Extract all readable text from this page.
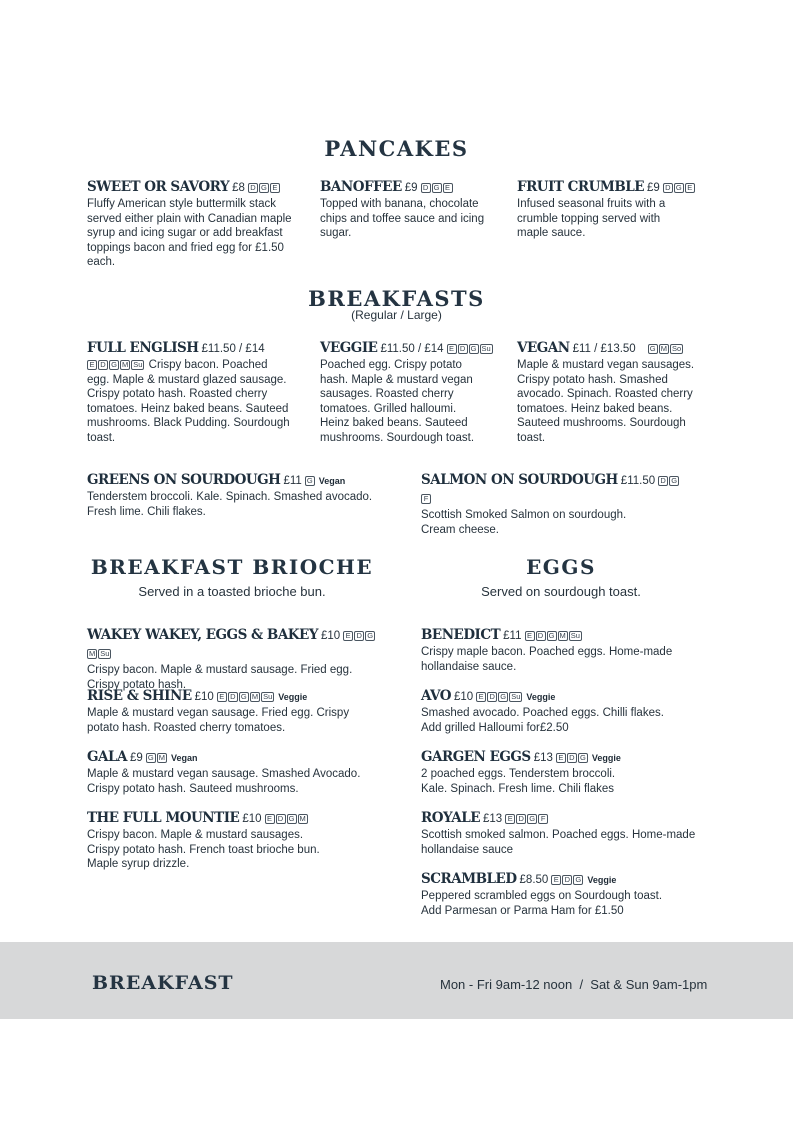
PANCAKES
SWEET OR SAVORY £8 D G E

Fluffy American style buttermilk stack served either plain with Canadian maple syrup and icing sugar or add breakfast toppings bacon and fried egg for £1.50 each.

BANOFFEE £9 D G E

Topped with banana, chocolate chips and toffee sauce and icing sugar.

FRUIT CRUMBLE £9 D G E

Infused seasonal fruits with a crumble topping served with maple sauce.

BREAKFASTS
(Regular / Large)
FULL ENGLISH £11.50 / £14

E D G M Su Crispy bacon. Poached egg. Maple & mustard glazed sausage. Crispy potato hash. Roasted cherry tomatoes. Heinz baked beans. Sauteed mushrooms. Black Pudding. Sourdough toast.

VEGGIE £11.50 / £14 E D G Su

Poached egg. Crispy potato hash. Maple & mustard vegan sausages. Roasted cherry tomatoes. Grilled halloumi. Heinz baked beans. Sauteed mushrooms. Sourdough toast.

VEGAN £11 / £13.50 G M So

Maple & mustard vegan sausages. Crispy potato hash. Smashed avocado. Spinach. Roasted cherry tomatoes. Heinz baked beans. Sauteed mushrooms. Sourdough toast.

GREENS ON SOURDOUGH £11 G Vegan

Tenderstem broccoli. Kale. Spinach. Smashed avocado. Fresh lime. Chili flakes.

SALMON ON SOURDOUGH £11.50 D GF

Scottish Smoked Salmon on sourdough. Cream cheese.

BREAKFAST BRIOCHE
Served in a toasted brioche bun.
WAKEY WAKEY, EGGS & BAKEY £10 E D GM Su

Crispy bacon. Maple & mustard sausage. Fried egg. Crispy potato hash.

RISE & SHINE £10 E D G M Su Veggie

Maple & mustard vegan sausage. Fried egg. Crispy potato hash. Roasted cherry tomatoes.

GALA £9 G M Vegan

Maple & mustard vegan sausage. Smashed Avocado. Crispy potato hash. Sauteed mushrooms.

THE FULL MOUNTIE £10 E D G M

Crispy bacon. Maple & mustard sausages. Crispy potato hash. French toast brioche bun. Maple syrup drizzle.

EGGS
Served on sourdough toast.
BENEDICT £11 E D G M Su

Crispy maple bacon. Poached eggs. Home-made hollandaise sauce.

AVO £10 E D G Su Veggie

Smashed avocado. Poached eggs. Chilli flakes. Add grilled Halloumi for£2.50

GARGEN EGGS £13 E D G Veggie

2 poached eggs. Tenderstem broccoli. Kale. Spinach. Fresh lime. Chili flakes

ROYALE £13 E D G F

Scottish smoked salmon. Poached eggs. Home-made hollandaise sauce

SCRAMBLED £8.50 E D G Veggie

Peppered scrambled eggs on Sourdough toast. Add Parmesan or Parma Ham for £1.50

BREAKFAST	Mon - Fri 9am-12 noon  /  Sat & Sun 9am-1pm
